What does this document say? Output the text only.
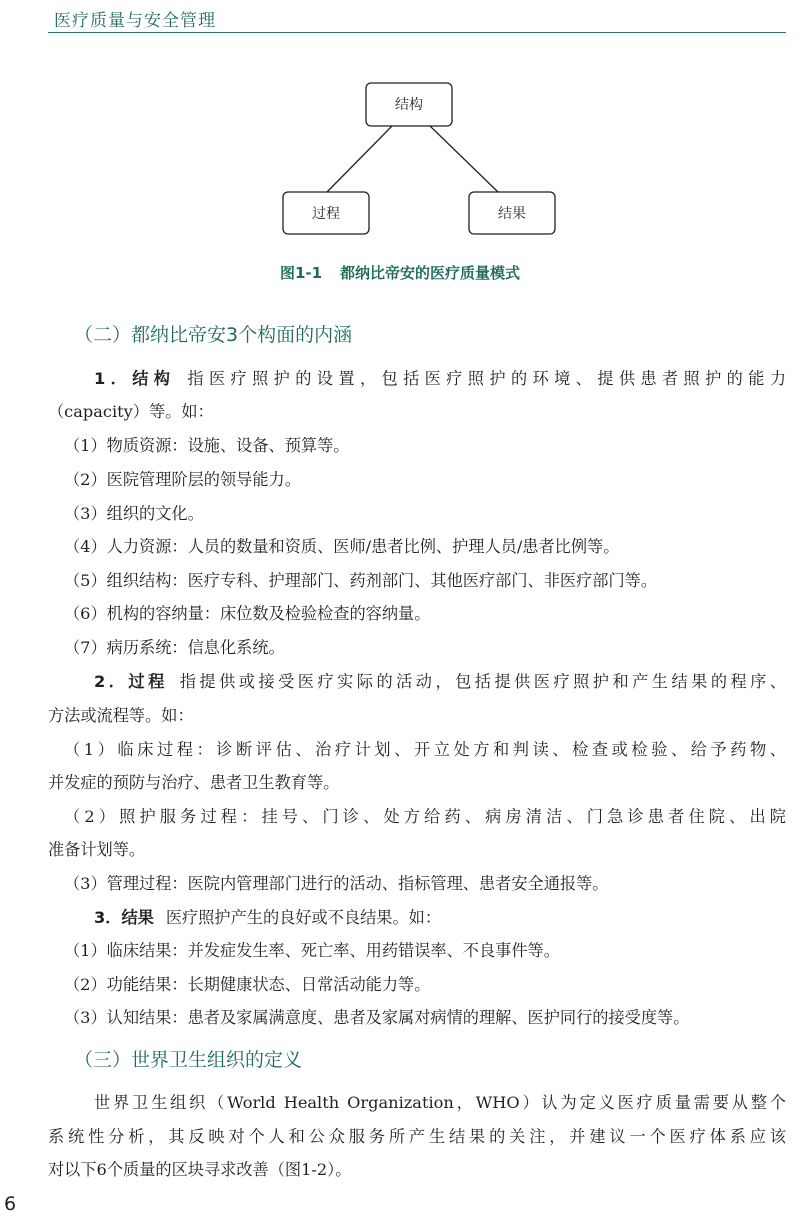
医疗质量与安全管理
结构
过程	结果
图1-1 都纳比帝安的医疗质量模式
（二）都纳比帝安3个构面的内涵
1．结构 指医疗照护的设置，包括医疗照护的环境、提供患者照护的能力
（capacity）等。如：
（1）物质资源：设施、设备、预算等。
（2）医院管理阶层的领导能力。
（3）组织的文化。
（4）人力资源：人员的数量和资质、医师/患者比例、护理人员/患者比例等。
（5）组织结构：医疗专科、护理部门、药剂部门、其他医疗部门、非医疗部门等。
（6）机构的容纳量：床位数及检验检查的容纳量。
（7）病历系统：信息化系统。
2．过程 指提供或接受医疗实际的活动，包括提供医疗照护和产生结果的程序、
方法或流程等。如：
（1）临床过程：诊断评估、治疗计划、开立处方和判读、检查或检验、给予药物、
并发症的预防与治疗、患者卫生教育等。
（2）照护服务过程：挂号、门诊、处方给药、病房清洁、门急诊患者住院、出院
准备计划等。
（3）管理过程：医院内管理部门进行的活动、指标管理、患者安全通报等。
3．结果 医疗照护产生的良好或不良结果。如：
（1）临床结果：并发症发生率、死亡率、用药错误率、不良事件等。
（2）功能结果：长期健康状态、日常活动能力等。
（3）认知结果：患者及家属满意度、患者及家属对病情的理解、医护同行的接受度等。
（三）世界卫生组织的定义
世界卫生组织（World Health Organization，WHO）认为定义医疗质量需要从整个
系统性分析，其反映对个人和公众服务所产生结果的关注，并建议一个医疗体系应该
对以下6个质量的区块寻求改善（图1-2）。
6
